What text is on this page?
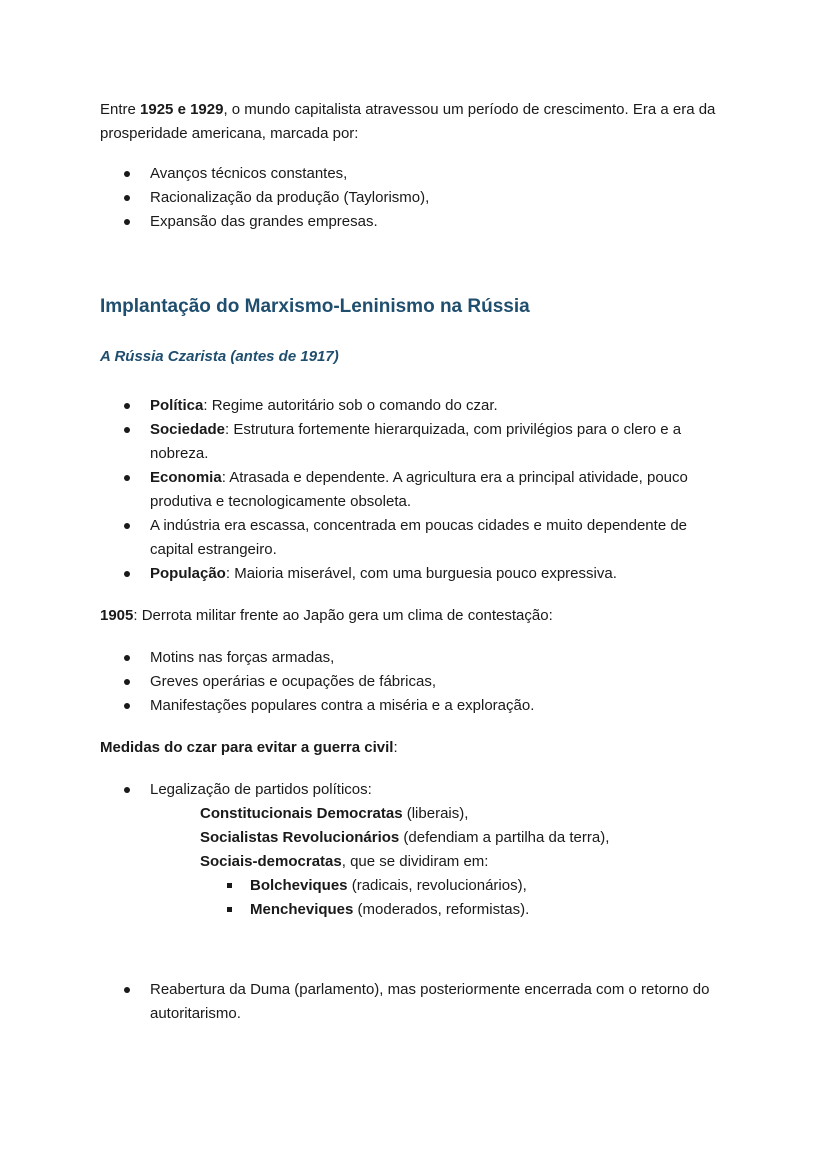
Entre 1925 e 1929, o mundo capitalista atravessou um período de crescimento. Era a era da prosperidade americana, marcada por:

Avanços técnicos constantes,
Racionalização da produção (Taylorismo),
Expansão das grandes empresas.
Implantação do Marxismo-Leninismo na Rússia
A Rússia Czarista (antes de 1917)
Política: Regime autoritário sob o comando do czar.
Sociedade: Estrutura fortemente hierarquizada, com privilégios para o clero e a nobreza.
Economia: Atrasada e dependente. A agricultura era a principal atividade, pouco produtiva e tecnologicamente obsoleta.
A indústria era escassa, concentrada em poucas cidades e muito dependente de capital estrangeiro.
População: Maioria miserável, com uma burguesia pouco expressiva.

1905: Derrota militar frente ao Japão gera um clima de contestação:

Motins nas forças armadas,
Greves operárias e ocupações de fábricas,
Manifestações populares contra a miséria e a exploração.

Medidas do czar para evitar a guerra civil:

Legalização de partidos políticos:
Constitucionais Democratas (liberais),
Socialistas Revolucionários (defendiam a partilha da terra),
Sociais-democratas, que se dividiram em:
Bolcheviques (radicais, revolucionários),
Mencheviques (moderados, reformistas).
Reabertura da Duma (parlamento), mas posteriormente encerrada com o retorno do autoritarismo.
